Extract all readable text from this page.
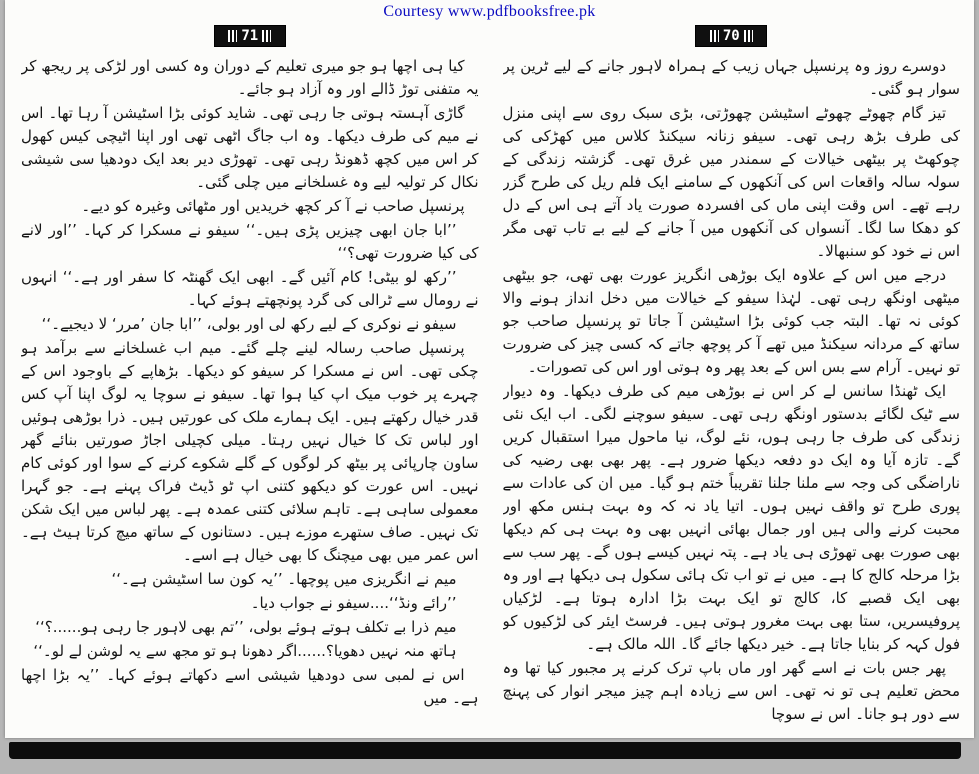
Courtesy www.pdfbooksfree.pk
71

کیا ہی اچھا ہو جو میری تعلیم کے دوران وہ کسی اور لڑکی پر ریجھ کر یہ متفنی توڑ ڈالے اور وہ آزاد ہو جائے۔

گاڑی آہستہ ہوتی جا رہی تھی۔ شاید کوئی بڑا اسٹیشن آ رہا تھا۔ اس نے میم کی طرف دیکھا۔ وہ اب جاگ اٹھی تھی اور اپنا اٹیچی کیس کھول کر اس میں کچھ ڈھونڈ رہی تھی۔ تھوڑی دیر بعد ایک دودھیا سی شیشی نکال کر تولیہ لیے وہ غسلخانے میں چلی گئی۔

پرنسپل صاحب نے آ کر کچھ خریدیں اور مٹھائی وغیرہ کو دیے۔

’’ابا جان ابھی چیزیں پڑی ہیں۔‘‘ سیفو نے مسکرا کر کہا۔ ’’اور لانے کی کیا ضرورت تھی؟‘‘

’’رکھ لو بیٹی! کام آئیں گے۔ ابھی ایک گھنٹہ کا سفر اور ہے۔‘‘ انہوں نے رومال سے ٹرالی کی گرد پونچھتے ہوئے کہا۔

سیفو نے نوکری کے لیے رکھ لی اور بولی، ’’ابا جان ’مرر‘ لا دیجیے۔‘‘

پرنسپل صاحب رسالہ لینے چلے گئے۔ میم اب غسلخانے سے برآمد ہو چکی تھی۔ اس نے مسکرا کر سیفو کو دیکھا۔ بڑھاپے کے باوجود اس کے چہرے پر خوب میک اپ کیا ہوا تھا۔ سیفو نے سوچا یہ لوگ اپنا آپ کس قدر خیال رکھتے ہیں۔ ایک ہمارے ملک کی عورتیں ہیں۔ ذرا بوڑھی ہوئیں اور لباس تک کا خیال نہیں رہتا۔ میلی کچیلی اجاڑ صورتیں بنائے گھر ساون چارپائی پر بیٹھ کر لوگوں کے گلے شکوے کرنے کے سوا اور کوئی کام نہیں۔ اس عورت کو دیکھو کتنی اپ ٹو ڈیٹ فراک پہنے ہے۔ جو گہرا معمولی ساہی ہے۔ تاہم سلائی کتنی عمدہ ہے۔ پھر لباس میں ایک شکن تک نہیں۔ صاف ستھرے موزے ہیں۔ دستانوں کے ساتھ میچ کرتا ہیٹ ہے۔ اس عمر میں بھی میچنگ کا بھی خیال ہے اسے۔

میم نے انگریزی میں پوچھا۔ ’’یہ کون سا اسٹیشن ہے۔‘‘

’’رائے ونڈ‘‘....سیفو نے جواب دیا۔

میم ذرا بے تکلف ہوتے ہوئے بولی، ’’تم بھی لاہور جا رہی ہو......؟‘‘

ہاتھ منہ نہیں دھویا؟......اگر دھونا ہو تو مجھ سے یہ لوشن لے لو۔‘‘

اس نے لمبی سی دودھیا شیشی اسے دکھاتے ہوئے کہا۔ ’’یہ بڑا اچھا ہے۔ میں

70

دوسرے روز وہ پرنسپل جہاں زیب کے ہمراہ لاہور جانے کے لیے ٹرین پر سوار ہو گئی۔

تیز گام چھوٹے چھوٹے اسٹیشن چھوڑتی، بڑی سبک روی سے اپنی منزل کی طرف بڑھ رہی تھی۔ سیفو زنانہ سیکنڈ کلاس میں کھڑکی کی چوکھٹ پر بیٹھی خیالات کے سمندر میں غرق تھی۔ گزشتہ زندگی کے سولہ سالہ واقعات اس کی آنکھوں کے سامنے ایک فلم ریل کی طرح گزر رہے تھے۔ اس وقت اپنی ماں کی افسردہ صورت یاد آتے ہی اس کے دل کو دھکا سا لگا۔ آنسواں کی آنکھوں میں آ جانے کے لیے بے تاب تھی مگر اس نے خود کو سنبھالا۔

درجے میں اس کے علاوہ ایک بوڑھی انگریز عورت بھی تھی، جو بیٹھی میٹھی اونگھ رہی تھی۔ لہٰذا سیفو کے خیالات میں دخل انداز ہونے والا کوئی نہ تھا۔ البتہ جب کوئی بڑا اسٹیشن آ جاتا تو پرنسپل صاحب جو ساتھ کے مردانہ سیکنڈ میں تھے آ کر پوچھ جاتے کہ کسی چیز کی ضرورت تو نہیں۔ آرام سے بس اس کے بعد پھر وہ ہوتی اور اس کی تصورات۔

ایک ٹھنڈا سانس لے کر اس نے بوڑھی میم کی طرف دیکھا۔ وہ دیوار سے ٹیک لگائے بدستور اونگھ رہی تھی۔ سیفو سوچنے لگی۔ اب ایک نئی زندگی کی طرف جا رہی ہوں، نئے لوگ، نیا ماحول میرا استقبال کریں گے۔ تازہ آیا وہ ایک دو دفعہ دیکھا ضرور ہے۔ پھر بھی بھی رضیہ کی ناراضگی کی وجہ سے ملنا جلنا تقریباً ختم ہو گیا۔ میں ان کی عادات سے پوری طرح تو واقف نہیں ہوں۔ اتیا یاد نہ کہ وہ بہت ہنس مکھ اور محبت کرنے والی ہیں اور جمال بھائی انہیں بھی وہ بہت ہی کم دیکھا بھی صورت بھی تھوڑی ہی یاد ہے۔ پتہ نہیں کیسے ہوں گے۔ پھر سب سے بڑا مرحلہ کالج کا ہے۔ میں نے تو اب تک ہائی سکول ہی دیکھا ہے اور وہ بھی ایک قصبے کا، کالج تو ایک بہت بڑا ادارہ ہوتا ہے۔ لڑکیاں پروفیسریں، ستا بھی بہت مغرور ہوتی ہیں۔ فرسٹ ایئر کی لڑکیوں کو فول کہہ کر بنایا جاتا ہے۔ خیر دیکھا جائے گا۔ اللہ مالک ہے۔

پھر جس بات نے اسے گھر اور ماں باپ ترک کرنے پر مجبور کیا تھا وہ محض تعلیم ہی تو نہ تھی۔ اس سے زیادہ اہم چیز میجر انوار کی پہنچ سے دور ہو جانا۔ اس نے سوچا
